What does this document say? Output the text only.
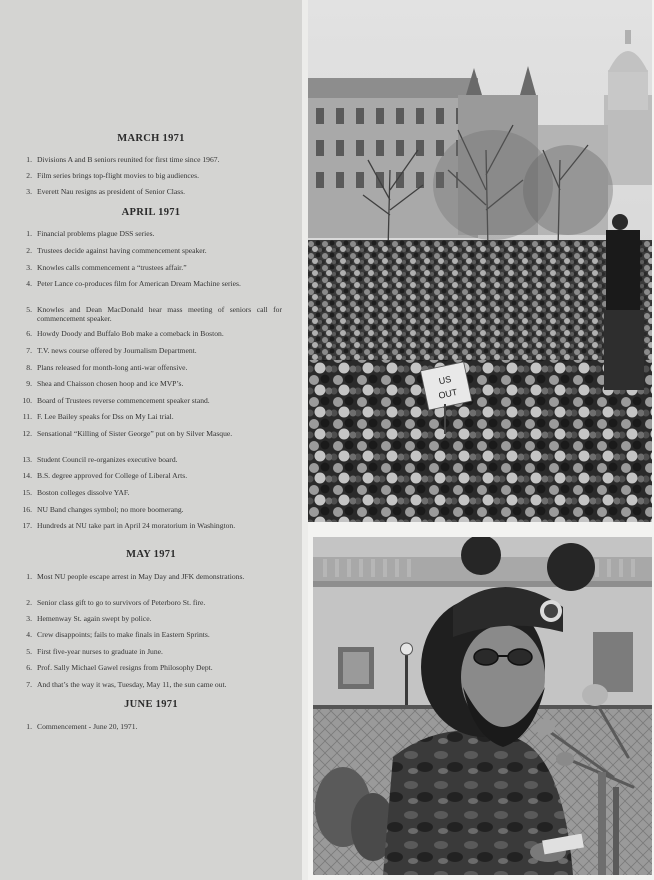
MARCH 1971
1. Divisions A and B seniors reunited for first time since 1967.
2. Film series brings top-flight movies to big audiences.
3. Everett Nau resigns as president of Senior Class.
APRIL 1971
1. Financial problems plague DSS series.
2. Trustees decide against having commencement speaker.
3. Knowles calls commencement a “trustees affair.”
4. Peter Lance co-produces film for American Dream Machine series.
5. Knowles and Dean MacDonald hear mass meeting of seniors call for commencement speaker.
6. Howdy Doody and Buffalo Bob make a comeback in Boston.
7. T.V. news course offered by Journalism Department.
8. Plans released for month-long anti-war offensive.
9. Shea and Chaisson chosen hoop and ice MVP’s.
10. Board of Trustees reverse commencement speaker stand.
11. F. Lee Bailey speaks for Dss on My Lai trial.
12. Sensational “Killing of Sister George” put on by Silver Masque.
13. Student Council re-organizes executive board.
14. B.S. degree approved for College of Liberal Arts.
15. Boston colleges dissolve YAF.
16. NU Band changes symbol; no more boomerang.
17. Hundreds at NU take part in April 24 moratorium in Washington.
MAY 1971
1. Most NU people escape arrest in May Day and JFK demonstrations.
2. Senior class gift to go to survivors of Peterboro St. fire.
3. Hemenway St. again swept by police.
4. Crew disappoints; fails to make finals in Eastern Sprints.
5. First five-year nurses to graduate in June.
6. Prof. Sally Michael Gawel resigns from Philosophy Dept.
7. And that’s the way it was, Tuesday, May 11, the sun came out.
JUNE 1971
1. Commencement - June 20, 1971.
US
OUT
